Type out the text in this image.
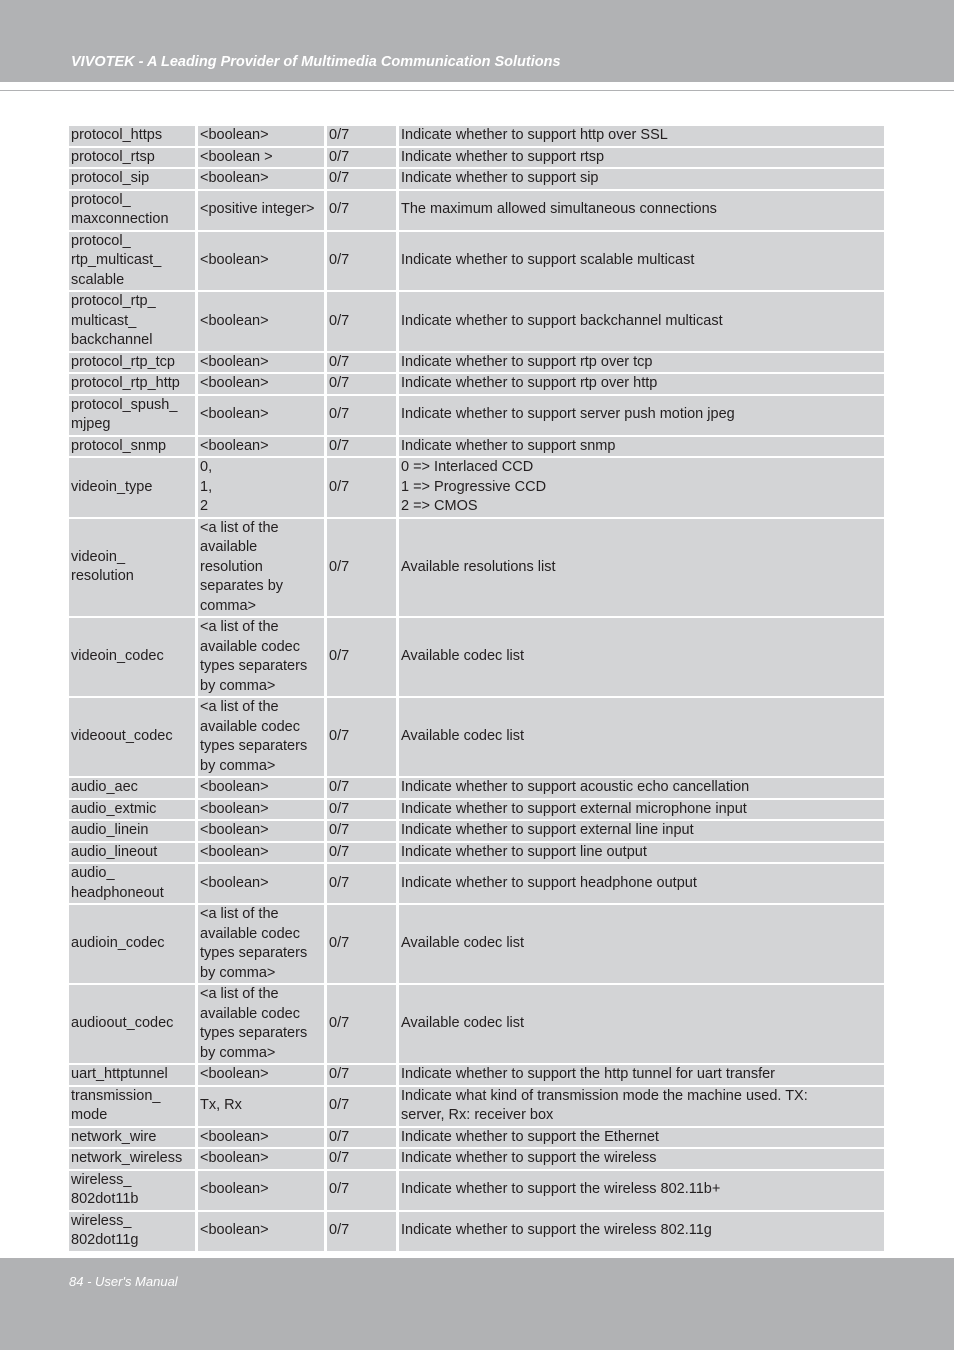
VIVOTEK - A Leading Provider of Multimedia Communication Solutions
protocol_https	<boolean>	0/7	Indicate whether to support http over SSL
protocol_rtsp	<boolean >	0/7	Indicate whether to support rtsp
protocol_sip	<boolean>	0/7	Indicate whether to support sip
protocol_
maxconnection	<positive integer>	0/7	The maximum allowed simultaneous connections
protocol_
rtp_multicast_
scalable	<boolean>	0/7	Indicate whether to support scalable multicast
protocol_rtp_
multicast_
backchannel	<boolean>	0/7	Indicate whether to support backchannel multicast
protocol_rtp_tcp	<boolean>	0/7	Indicate whether to support rtp over tcp
protocol_rtp_http	<boolean>	0/7	Indicate whether to support rtp over http
protocol_spush_
mjpeg	<boolean>	0/7	Indicate whether to support server push motion jpeg
protocol_snmp	<boolean>	0/7	Indicate whether to support snmp
videoin_type	0,
1,
2	0/7	0 => Interlaced CCD
1 => Progressive CCD
2 => CMOS
videoin_
resolution	<a list of the
available
resolution
separates by
comma>	0/7	Available resolutions list
videoin_codec	<a list of the
available codec
types separaters
by comma>	0/7	Available codec list
videoout_codec	<a list of the
available codec
types separaters
by comma>	0/7	Available codec list
audio_aec	<boolean>	0/7	Indicate whether to support acoustic echo cancellation
audio_extmic	<boolean>	0/7	Indicate whether to support external microphone input
audio_linein	<boolean>	0/7	Indicate whether to support external line input
audio_lineout	<boolean>	0/7	Indicate whether to support line output
audio_
headphoneout	<boolean>	0/7	Indicate whether to support headphone output
audioin_codec	<a list of the
available codec
types separaters
by comma>	0/7	Available codec list
audioout_codec	<a list of the
available codec
types separaters
by comma>	0/7	Available codec list
uart_httptunnel	<boolean>	0/7	Indicate whether to support the http tunnel for uart transfer
transmission_
mode	Tx, Rx	0/7	Indicate what kind of transmission mode the machine used. TX:
server, Rx: receiver box
network_wire	<boolean>	0/7	Indicate whether to support the Ethernet
network_wireless	<boolean>	0/7	Indicate whether to support the wireless
wireless_
802dot11b	<boolean>	0/7	Indicate whether to support the wireless 802.11b+
wireless_
802dot11g	<boolean>	0/7	Indicate whether to support the wireless 802.11g
84 - User's Manual
